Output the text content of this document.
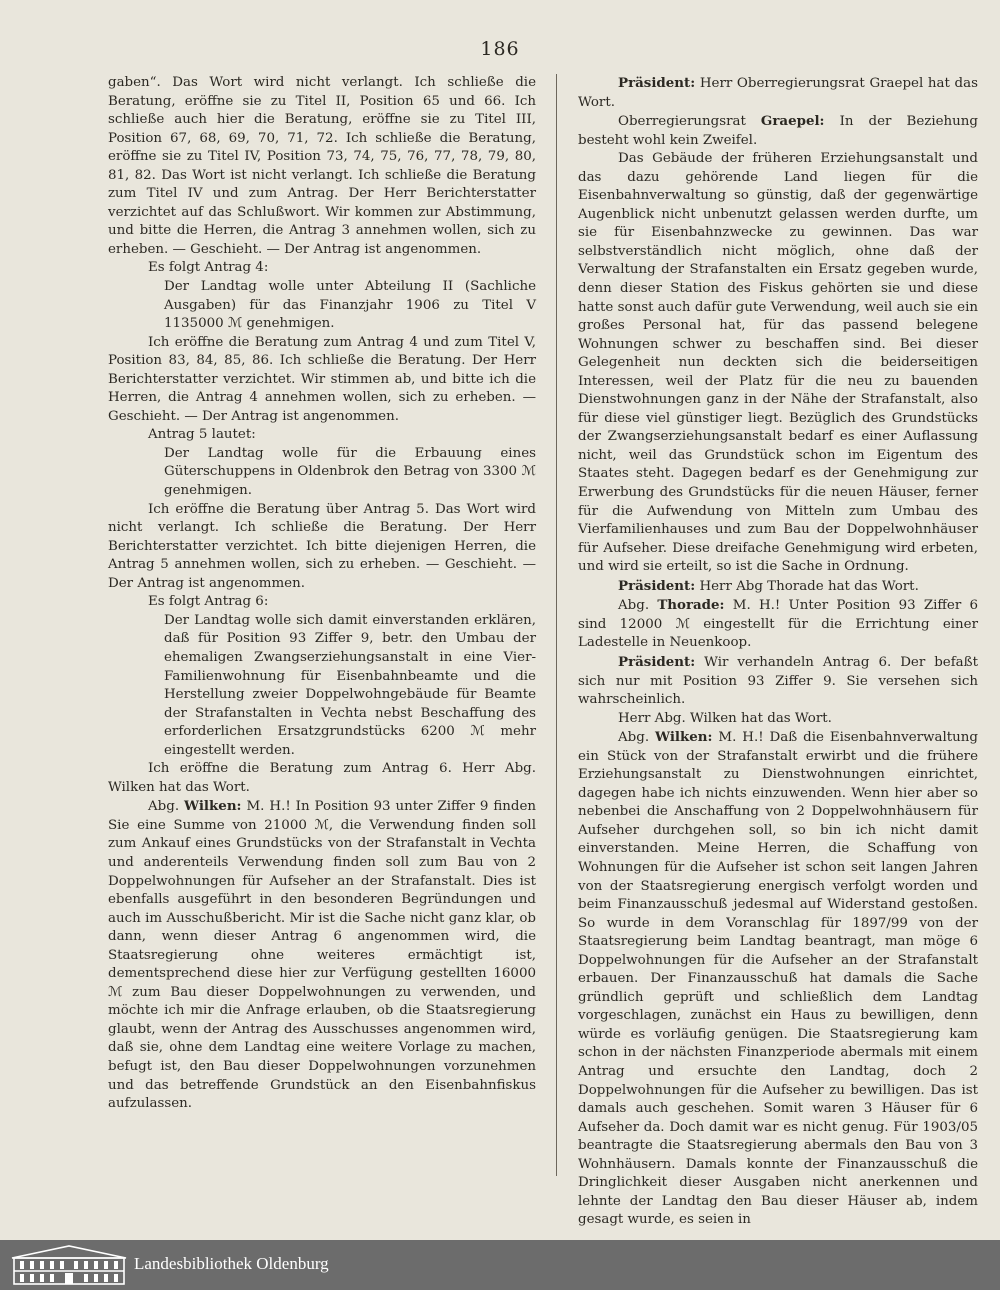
186

gaben“. Das Wort wird nicht verlangt. Ich schließe die Beratung, eröffne sie zu Titel II, Position 65 und 66. Ich schließe auch hier die Beratung, eröffne sie zu Titel III, Position 67, 68, 69, 70, 71, 72. Ich schließe die Beratung, eröffne sie zu Titel IV, Position 73, 74, 75, 76, 77, 78, 79, 80, 81, 82. Das Wort ist nicht verlangt. Ich schließe die Beratung zum Titel IV und zum Antrag. Der Herr Berichterstatter verzichtet auf das Schlußwort. Wir kommen zur Abstimmung, und bitte die Herren, die Antrag 3 annehmen wollen, sich zu erheben. — Geschieht. — Der Antrag ist angenommen.

Es folgt Antrag 4:

Der Landtag wolle unter Abteilung II (Sachliche Ausgaben) für das Finanzjahr 1906 zu Titel V 1135000 ℳ genehmigen.

Ich eröffne die Beratung zum Antrag 4 und zum Titel V, Position 83, 84, 85, 86. Ich schließe die Beratung. Der Herr Berichterstatter verzichtet. Wir stimmen ab, und bitte ich die Herren, die Antrag 4 annehmen wollen, sich zu erheben. — Geschieht. — Der Antrag ist angenommen.

Antrag 5 lautet:

Der Landtag wolle für die Erbauung eines Güterschuppens in Oldenbrok den Betrag von 3300 ℳ genehmigen.

Ich eröffne die Beratung über Antrag 5. Das Wort wird nicht verlangt. Ich schließe die Beratung. Der Herr Berichterstatter verzichtet. Ich bitte diejenigen Herren, die Antrag 5 annehmen wollen, sich zu erheben. — Geschieht. — Der Antrag ist angenommen.

Es folgt Antrag 6:

Der Landtag wolle sich damit einverstanden erklären, daß für Position 93 Ziffer 9, betr. den Umbau der ehemaligen Zwangserziehungsanstalt in eine Vier-Familienwohnung für Eisenbahnbeamte und die Herstellung zweier Doppelwohngebäude für Beamte der Strafanstalten in Vechta nebst Beschaffung des erforderlichen Ersatzgrundstücks 6200 ℳ mehr eingestellt werden.

Ich eröffne die Beratung zum Antrag 6. Herr Abg. Wilken hat das Wort.

Abg. Wilken: M. H.! In Position 93 unter Ziffer 9 finden Sie eine Summe von 21000 ℳ, die Verwendung finden soll zum Ankauf eines Grundstücks von der Strafanstalt in Vechta und anderenteils Verwendung finden soll zum Bau von 2 Doppelwohnungen für Aufseher an der Strafanstalt. Dies ist ebenfalls ausgeführt in den besonderen Begründungen und auch im Ausschußbericht. Mir ist die Sache nicht ganz klar, ob dann, wenn dieser Antrag 6 angenommen wird, die Staatsregierung ohne weiteres ermächtigt ist, dementsprechend diese hier zur Verfügung gestellten 16000 ℳ zum Bau dieser Doppelwohnungen zu verwenden, und möchte ich mir die Anfrage erlauben, ob die Staatsregierung glaubt, wenn der Antrag des Ausschusses angenommen wird, daß sie, ohne dem Landtag eine weitere Vorlage zu machen, befugt ist, den Bau dieser Doppelwohnungen vorzunehmen und das betreffende Grundstück an den Eisenbahnfiskus aufzulassen.

Präsident: Herr Oberregierungsrat Graepel hat das Wort.

Oberregierungsrat Graepel: In der Beziehung besteht wohl kein Zweifel.

Das Gebäude der früheren Erziehungsanstalt und das dazu gehörende Land liegen für die Eisenbahnverwaltung so günstig, daß der gegenwärtige Augenblick nicht unbenutzt gelassen werden durfte, um sie für Eisenbahnzwecke zu gewinnen. Das war selbstverständlich nicht möglich, ohne daß der Verwaltung der Strafanstalten ein Ersatz gegeben wurde, denn dieser Station des Fiskus gehörten sie und diese hatte sonst auch dafür gute Verwendung, weil auch sie ein großes Personal hat, für das passend belegene Wohnungen schwer zu beschaffen sind. Bei dieser Gelegenheit nun deckten sich die beiderseitigen Interessen, weil der Platz für die neu zu bauenden Dienstwohnungen ganz in der Nähe der Strafanstalt, also für diese viel günstiger liegt. Bezüglich des Grundstücks der Zwangserziehungsanstalt bedarf es einer Auflassung nicht, weil das Grundstück schon im Eigentum des Staates steht. Dagegen bedarf es der Genehmigung zur Erwerbung des Grundstücks für die neuen Häuser, ferner für die Aufwendung von Mitteln zum Umbau des Vierfamilienhauses und zum Bau der Doppelwohnhäuser für Aufseher. Diese dreifache Genehmigung wird erbeten, und wird sie erteilt, so ist die Sache in Ordnung.

Präsident: Herr Abg Thorade hat das Wort.

Abg. Thorade: M. H.! Unter Position 93 Ziffer 6 sind 12000 ℳ eingestellt für die Errichtung einer Ladestelle in Neuenkoop.

Präsident: Wir verhandeln Antrag 6. Der befaßt sich nur mit Position 93 Ziffer 9. Sie versehen sich wahrscheinlich.

Herr Abg. Wilken hat das Wort.

Abg. Wilken: M. H.! Daß die Eisenbahnverwaltung ein Stück von der Strafanstalt erwirbt und die frühere Erziehungsanstalt zu Dienstwohnungen einrichtet, dagegen habe ich nichts einzuwenden. Wenn hier aber so nebenbei die Anschaffung von 2 Doppelwohnhäusern für Aufseher durchgehen soll, so bin ich nicht damit einverstanden. Meine Herren, die Schaffung von Wohnungen für die Aufseher ist schon seit langen Jahren von der Staatsregierung energisch verfolgt worden und beim Finanzausschuß jedesmal auf Widerstand gestoßen. So wurde in dem Voranschlag für 1897/99 von der Staatsregierung beim Landtag beantragt, man möge 6 Doppelwohnungen für die Aufseher an der Strafanstalt erbauen. Der Finanzausschuß hat damals die Sache gründlich geprüft und schließlich dem Landtag vorgeschlagen, zunächst ein Haus zu bewilligen, denn würde es vorläufig genügen. Die Staatsregierung kam schon in der nächsten Finanzperiode abermals mit einem Antrag und ersuchte den Landtag, doch 2 Doppelwohnungen für die Aufseher zu bewilligen. Das ist damals auch geschehen. Somit waren 3 Häuser für 6 Aufseher da. Doch damit war es nicht genug. Für 1903/05 beantragte die Staatsregierung abermals den Bau von 3 Wohnhäusern. Damals konnte der Finanzausschuß die Dringlichkeit dieser Ausgaben nicht anerkennen und lehnte der Landtag den Bau dieser Häuser ab, indem gesagt wurde, es seien in

Landesbibliothek Oldenburg
